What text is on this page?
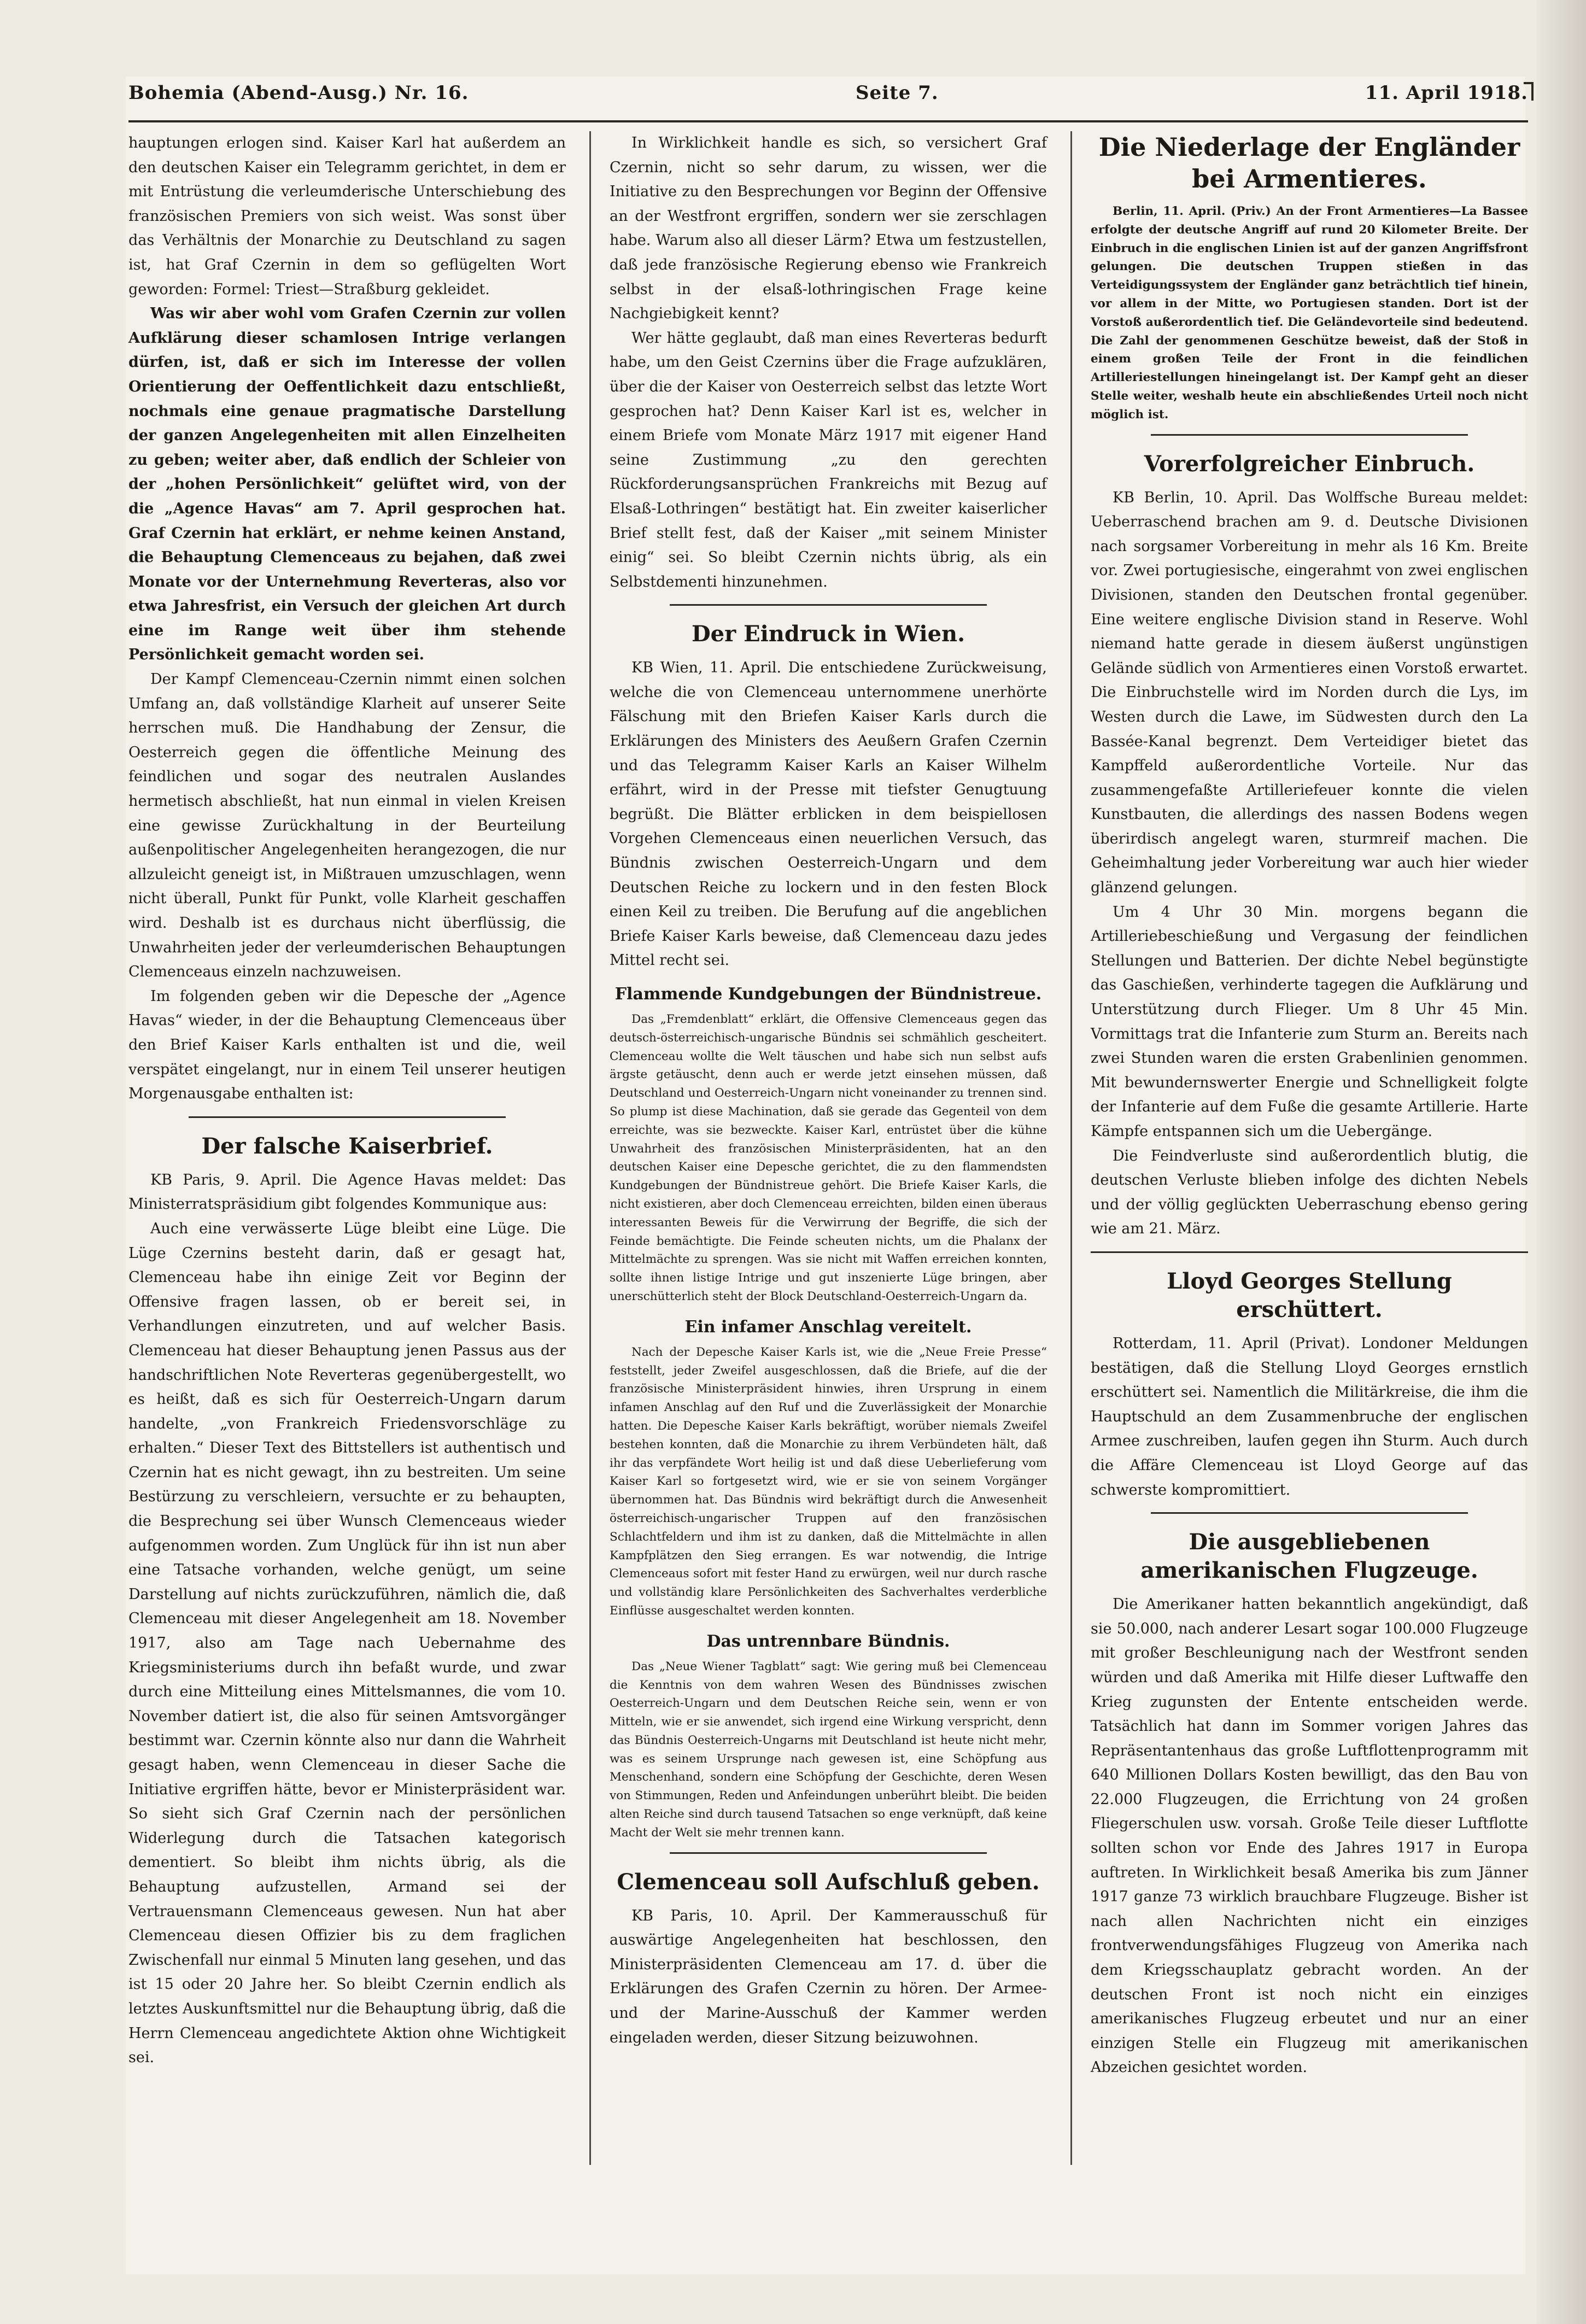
Bohemia (Abend-Ausg.) Nr. 16.	Seite 7.	11. April 1918.

hauptungen erlogen sind. Kaiser Karl hat außerdem an den deutschen Kaiser ein Telegramm gerichtet, in dem er mit Entrüstung die verleumderische Unterschiebung des französischen Premiers von sich weist. Was sonst über das Verhältnis der Monarchie zu Deutschland zu sagen ist, hat Graf Czernin in dem so geflügelten Wort geworden: Formel: Triest—Straßburg gekleidet.

Was wir aber wohl vom Grafen Czernin zur vollen Aufklärung dieser schamlosen Intrige verlangen dürfen, ist, daß er sich im Interesse der vollen Orientierung der Oeffentlichkeit dazu entschließt, nochmals eine genaue pragmatische Darstellung der ganzen Angelegenheiten mit allen Einzelheiten zu geben; weiter aber, daß endlich der Schleier von der „hohen Persönlichkeit“ gelüftet wird, von der die „Agence Havas“ am 7. April gesprochen hat. Graf Czernin hat erklärt, er nehme keinen Anstand, die Behauptung Clemenceaus zu bejahen, daß zwei Monate vor der Unternehmung Reverteras, also vor etwa Jahresfrist, ein Versuch der gleichen Art durch eine im Range weit über ihm stehende Persönlichkeit gemacht worden sei.

Der Kampf Clemenceau-Czernin nimmt einen solchen Umfang an, daß vollständige Klarheit auf unserer Seite herrschen muß. Die Handhabung der Zensur, die Oesterreich gegen die öffentliche Meinung des feindlichen und sogar des neutralen Auslandes hermetisch abschließt, hat nun einmal in vielen Kreisen eine gewisse Zurückhaltung in der Beurteilung außenpolitischer Angelegenheiten herangezogen, die nur allzuleicht geneigt ist, in Mißtrauen umzuschlagen, wenn nicht überall, Punkt für Punkt, volle Klarheit geschaffen wird. Deshalb ist es durchaus nicht überflüssig, die Unwahrheiten jeder der verleumderischen Behauptungen Clemenceaus einzeln nachzuweisen.

Im folgenden geben wir die Depesche der „Agence Havas“ wieder, in der die Behauptung Clemenceaus über den Brief Kaiser Karls enthalten ist und die, weil verspätet eingelangt, nur in einem Teil unserer heutigen Morgenausgabe enthalten ist:

Der falsche Kaiserbrief.

KB Paris, 9. April. Die Agence Havas meldet: Das Ministerratspräsidium gibt folgendes Kommunique aus:

Auch eine verwässerte Lüge bleibt eine Lüge. Die Lüge Czernins besteht darin, daß er gesagt hat, Clemenceau habe ihn einige Zeit vor Beginn der Offensive fragen lassen, ob er bereit sei, in Verhandlungen einzutreten, und auf welcher Basis. Clemenceau hat dieser Behauptung jenen Passus aus der handschriftlichen Note Reverteras gegenübergestellt, wo es heißt, daß es sich für Oesterreich-Ungarn darum handelte, „von Frankreich Friedensvorschläge zu erhalten.“ Dieser Text des Bittstellers ist authentisch und Czernin hat es nicht gewagt, ihn zu bestreiten. Um seine Bestürzung zu verschleiern, versuchte er zu behaupten, die Besprechung sei über Wunsch Clemenceaus wieder aufgenommen worden. Zum Unglück für ihn ist nun aber eine Tatsache vorhanden, welche genügt, um seine Darstellung auf nichts zurückzuführen, nämlich die, daß Clemenceau mit dieser Angelegenheit am 18. November 1917, also am Tage nach Uebernahme des Kriegsministeriums durch ihn befaßt wurde, und zwar durch eine Mitteilung eines Mittelsmannes, die vom 10. November datiert ist, die also für seinen Amtsvorgänger bestimmt war. Czernin könnte also nur dann die Wahrheit gesagt haben, wenn Clemenceau in dieser Sache die Initiative ergriffen hätte, bevor er Ministerpräsident war. So sieht sich Graf Czernin nach der persönlichen Widerlegung durch die Tatsachen kategorisch dementiert. So bleibt ihm nichts übrig, als die Behauptung aufzustellen, Armand sei der Vertrauensmann Clemenceaus gewesen. Nun hat aber Clemenceau diesen Offizier bis zu dem fraglichen Zwischenfall nur einmal 5 Minuten lang gesehen, und das ist 15 oder 20 Jahre her. So bleibt Czernin endlich als letztes Auskunftsmittel nur die Behauptung übrig, daß die Herrn Clemenceau angedichtete Aktion ohne Wichtigkeit sei.

In Wirklichkeit handle es sich, so versichert Graf Czernin, nicht so sehr darum, zu wissen, wer die Initiative zu den Besprechungen vor Beginn der Offensive an der Westfront ergriffen, sondern wer sie zerschlagen habe. Warum also all dieser Lärm? Etwa um festzustellen, daß jede französische Regierung ebenso wie Frankreich selbst in der elsaß-lothringischen Frage keine Nachgiebigkeit kennt?

Wer hätte geglaubt, daß man eines Reverteras bedurft habe, um den Geist Czernins über die Frage aufzuklären, über die der Kaiser von Oesterreich selbst das letzte Wort gesprochen hat? Denn Kaiser Karl ist es, welcher in einem Briefe vom Monate März 1917 mit eigener Hand seine Zustimmung „zu den gerechten Rückforderungsansprüchen Frankreichs mit Bezug auf Elsaß-Lothringen“ bestätigt hat. Ein zweiter kaiserlicher Brief stellt fest, daß der Kaiser „mit seinem Minister einig“ sei. So bleibt Czernin nichts übrig, als ein Selbstdementi hinzunehmen.

Der Eindruck in Wien.

KB Wien, 11. April. Die entschiedene Zurückweisung, welche die von Clemenceau unternommene unerhörte Fälschung mit den Briefen Kaiser Karls durch die Erklärungen des Ministers des Aeußern Grafen Czernin und das Telegramm Kaiser Karls an Kaiser Wilhelm erfährt, wird in der Presse mit tiefster Genugtuung begrüßt. Die Blätter erblicken in dem beispiellosen Vorgehen Clemenceaus einen neuerlichen Versuch, das Bündnis zwischen Oesterreich-Ungarn und dem Deutschen Reiche zu lockern und in den festen Block einen Keil zu treiben. Die Berufung auf die angeblichen Briefe Kaiser Karls beweise, daß Clemenceau dazu jedes Mittel recht sei.

Flammende Kundgebungen der Bündnistreue.

Das „Fremdenblatt“ erklärt, die Offensive Clemenceaus gegen das deutsch-österreichisch-ungarische Bündnis sei schmählich gescheitert. Clemenceau wollte die Welt täuschen und habe sich nun selbst aufs ärgste getäuscht, denn auch er werde jetzt einsehen müssen, daß Deutschland und Oesterreich-Ungarn nicht voneinander zu trennen sind. So plump ist diese Machination, daß sie gerade das Gegenteil von dem erreichte, was sie bezweckte. Kaiser Karl, entrüstet über die kühne Unwahrheit des französischen Ministerpräsidenten, hat an den deutschen Kaiser eine Depesche gerichtet, die zu den flammendsten Kundgebungen der Bündnistreue gehört. Die Briefe Kaiser Karls, die nicht existieren, aber doch Clemenceau erreichten, bilden einen überaus interessanten Beweis für die Verwirrung der Begriffe, die sich der Feinde bemächtigte. Die Feinde scheuten nichts, um die Phalanx der Mittelmächte zu sprengen. Was sie nicht mit Waffen erreichen konnten, sollte ihnen listige Intrige und gut inszenierte Lüge bringen, aber unerschütterlich steht der Block Deutschland-Oesterreich-Ungarn da.

Ein infamer Anschlag vereitelt.

Nach der Depesche Kaiser Karls ist, wie die „Neue Freie Presse“ feststellt, jeder Zweifel ausgeschlossen, daß die Briefe, auf die der französische Ministerpräsident hinwies, ihren Ursprung in einem infamen Anschlag auf den Ruf und die Zuverlässigkeit der Monarchie hatten. Die Depesche Kaiser Karls bekräftigt, worüber niemals Zweifel bestehen konnten, daß die Monarchie zu ihrem Verbündeten hält, daß ihr das verpfändete Wort heilig ist und daß diese Ueberlieferung vom Kaiser Karl so fortgesetzt wird, wie er sie von seinem Vorgänger übernommen hat. Das Bündnis wird bekräftigt durch die Anwesenheit österreichisch-ungarischer Truppen auf den französischen Schlachtfeldern und ihm ist zu danken, daß die Mittelmächte in allen Kampfplätzen den Sieg errangen. Es war notwendig, die Intrige Clemenceaus sofort mit fester Hand zu erwürgen, weil nur durch rasche und vollständig klare Persönlichkeiten des Sachverhaltes verderbliche Einflüsse ausgeschaltet werden konnten.

Das untrennbare Bündnis.

Das „Neue Wiener Tagblatt“ sagt: Wie gering muß bei Clemenceau die Kenntnis von dem wahren Wesen des Bündnisses zwischen Oesterreich-Ungarn und dem Deutschen Reiche sein, wenn er von Mitteln, wie er sie anwendet, sich irgend eine Wirkung verspricht, denn das Bündnis Oesterreich-Ungarns mit Deutschland ist heute nicht mehr, was es seinem Ursprunge nach gewesen ist, eine Schöpfung aus Menschenhand, sondern eine Schöpfung der Geschichte, deren Wesen von Stimmungen, Reden und Anfeindungen unberührt bleibt. Die beiden alten Reiche sind durch tausend Tatsachen so enge verknüpft, daß keine Macht der Welt sie mehr trennen kann.

Clemenceau soll Aufschluß geben.

KB Paris, 10. April. Der Kammerausschuß für auswärtige Angelegenheiten hat beschlossen, den Ministerpräsidenten Clemenceau am 17. d. über die Erklärungen des Grafen Czernin zu hören. Der Armee- und der Marine-Ausschuß der Kammer werden eingeladen werden, dieser Sitzung beizuwohnen.

Die Niederlage der Engländer bei Armentieres.

Berlin, 11. April. (Priv.) An der Front Armentieres—La Bassee erfolgte der deutsche Angriff auf rund 20 Kilometer Breite. Der Einbruch in die englischen Linien ist auf der ganzen Angriffsfront gelungen. Die deutschen Truppen stießen in das Verteidigungssystem der Engländer ganz beträchtlich tief hinein, vor allem in der Mitte, wo Portugiesen standen. Dort ist der Vorstoß außerordentlich tief. Die Geländevorteile sind bedeutend. Die Zahl der genommenen Geschütze beweist, daß der Stoß in einem großen Teile der Front in die feindlichen Artilleriestellungen hineingelangt ist. Der Kampf geht an dieser Stelle weiter, weshalb heute ein abschließendes Urteil noch nicht möglich ist.

Vorerfolgreicher Einbruch.

KB Berlin, 10. April. Das Wolffsche Bureau meldet: Ueberraschend brachen am 9. d. Deutsche Divisionen nach sorgsamer Vorbereitung in mehr als 16 Km. Breite vor. Zwei portugiesische, eingerahmt von zwei englischen Divisionen, standen den Deutschen frontal gegenüber. Eine weitere englische Division stand in Reserve. Wohl niemand hatte gerade in diesem äußerst ungünstigen Gelände südlich von Armentieres einen Vorstoß erwartet. Die Einbruchstelle wird im Norden durch die Lys, im Westen durch die Lawe, im Südwesten durch den La Bassée-Kanal begrenzt. Dem Verteidiger bietet das Kampffeld außerordentliche Vorteile. Nur das zusammengefaßte Artilleriefeuer konnte die vielen Kunstbauten, die allerdings des nassen Bodens wegen überirdisch angelegt waren, sturmreif machen. Die Geheimhaltung jeder Vorbereitung war auch hier wieder glänzend gelungen.

Um 4 Uhr 30 Min. morgens begann die Artilleriebeschießung und Vergasung der feindlichen Stellungen und Batterien. Der dichte Nebel begünstigte das Gaschießen, verhinderte tagegen die Aufklärung und Unterstützung durch Flieger. Um 8 Uhr 45 Min. Vormittags trat die Infanterie zum Sturm an. Bereits nach zwei Stunden waren die ersten Grabenlinien genommen. Mit bewundernswerter Energie und Schnelligkeit folgte der Infanterie auf dem Fuße die gesamte Artillerie. Harte Kämpfe entspannen sich um die Uebergänge.

Die Feindverluste sind außerordentlich blutig, die deutschen Verluste blieben infolge des dichten Nebels und der völlig geglückten Ueberraschung ebenso gering wie am 21. März.

Lloyd Georges Stellung erschüttert.

Rotterdam, 11. April (Privat). Londoner Meldungen bestätigen, daß die Stellung Lloyd Georges ernstlich erschüttert sei. Namentlich die Militärkreise, die ihm die Hauptschuld an dem Zusammenbruche der englischen Armee zuschreiben, laufen gegen ihn Sturm. Auch durch die Affäre Clemenceau ist Lloyd George auf das schwerste kompromittiert.

Die ausgebliebenen amerikanischen Flugzeuge.

Die Amerikaner hatten bekanntlich angekündigt, daß sie 50.000, nach anderer Lesart sogar 100.000 Flugzeuge mit großer Beschleunigung nach der Westfront senden würden und daß Amerika mit Hilfe dieser Luftwaffe den Krieg zugunsten der Entente entscheiden werde. Tatsächlich hat dann im Sommer vorigen Jahres das Repräsentantenhaus das große Luftflottenprogramm mit 640 Millionen Dollars Kosten bewilligt, das den Bau von 22.000 Flugzeugen, die Errichtung von 24 großen Fliegerschulen usw. vorsah. Große Teile dieser Luftflotte sollten schon vor Ende des Jahres 1917 in Europa auftreten. In Wirklichkeit besaß Amerika bis zum Jänner 1917 ganze 73 wirklich brauchbare Flugzeuge. Bisher ist nach allen Nachrichten nicht ein einziges frontverwendungsfähiges Flugzeug von Amerika nach dem Kriegsschauplatz gebracht worden. An der deutschen Front ist noch nicht ein einziges amerikanisches Flugzeug erbeutet und nur an einer einzigen Stelle ein Flugzeug mit amerikanischen Abzeichen gesichtet worden.
